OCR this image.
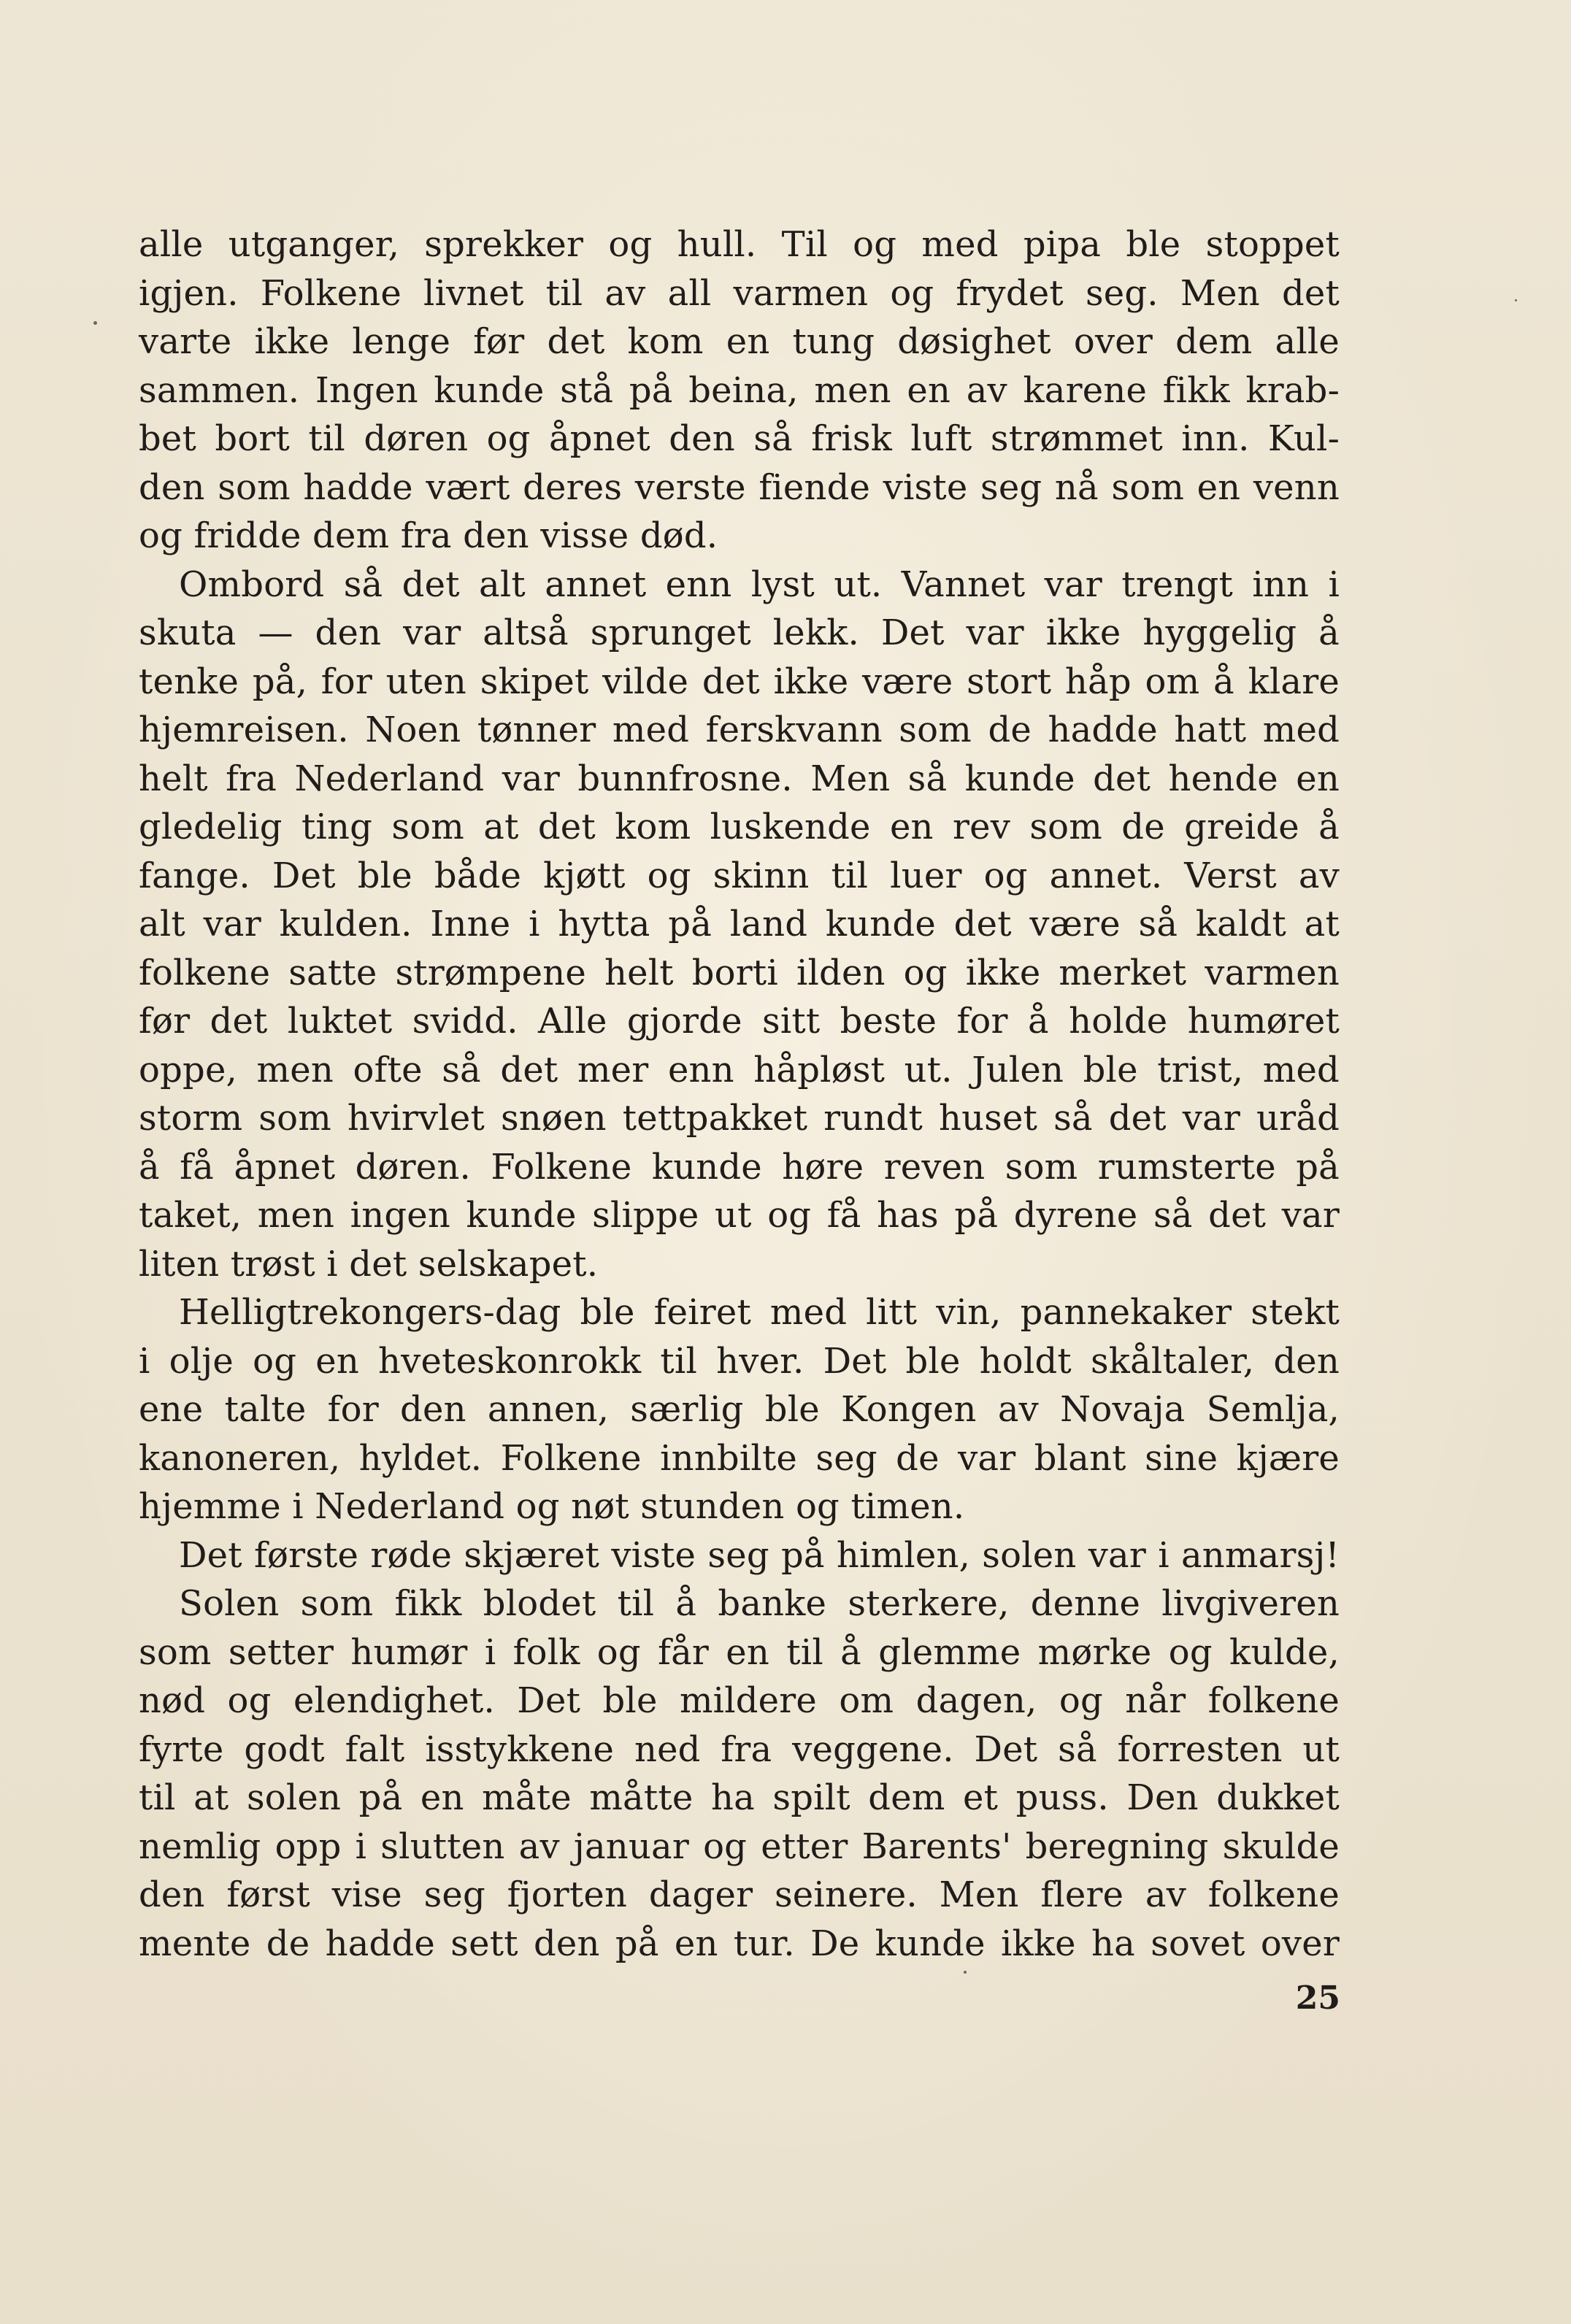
alle utganger, sprekker og hull. Til og med pipa ble stoppet
igjen. Folkene livnet til av all varmen og frydet seg. Men det
varte ikke lenge før det kom en tung døsighet over dem alle
sammen. Ingen kunde stå på beina, men en av karene fikk krab-
bet bort til døren og åpnet den så frisk luft strømmet inn. Kul-
den som hadde vært deres verste fiende viste seg nå som en venn
og fridde dem fra den visse død.
Ombord så det alt annet enn lyst ut. Vannet var trengt inn i
skuta — den var altså sprunget lekk. Det var ikke hyggelig å
tenke på, for uten skipet vilde det ikke være stort håp om å klare
hjemreisen. Noen tønner med ferskvann som de hadde hatt med
helt fra Nederland var bunnfrosne. Men så kunde det hende en
gledelig ting som at det kom luskende en rev som de greide å
fange. Det ble både kjøtt og skinn til luer og annet. Verst av
alt var kulden. Inne i hytta på land kunde det være så kaldt at
folkene satte strømpene helt borti ilden og ikke merket varmen
før det luktet svidd. Alle gjorde sitt beste for å holde humøret
oppe, men ofte så det mer enn håpløst ut. Julen ble trist, med
storm som hvirvlet snøen tettpakket rundt huset så det var uråd
å få åpnet døren. Folkene kunde høre reven som rumsterte på
taket, men ingen kunde slippe ut og få has på dyrene så det var
liten trøst i det selskapet.
Helligtrekongers-dag ble feiret med litt vin, pannekaker stekt
i olje og en hveteskonrokk til hver. Det ble holdt skåltaler, den
ene talte for den annen, særlig ble Kongen av Novaja Semlja,
kanoneren, hyldet. Folkene innbilte seg de var blant sine kjære
hjemme i Nederland og nøt stunden og timen.
Det første røde skjæret viste seg på himlen, solen var i anmarsj!
Solen som fikk blodet til å banke sterkere, denne livgiveren
som setter humør i folk og får en til å glemme mørke og kulde,
nød og elendighet. Det ble mildere om dagen, og når folkene
fyrte godt falt isstykkene ned fra veggene. Det så forresten ut
til at solen på en måte måtte ha spilt dem et puss. Den dukket
nemlig opp i slutten av januar og etter Barents' beregning skulde
den først vise seg fjorten dager seinere. Men flere av folkene
mente de hadde sett den på en tur. De kunde ikke ha sovet over
25
